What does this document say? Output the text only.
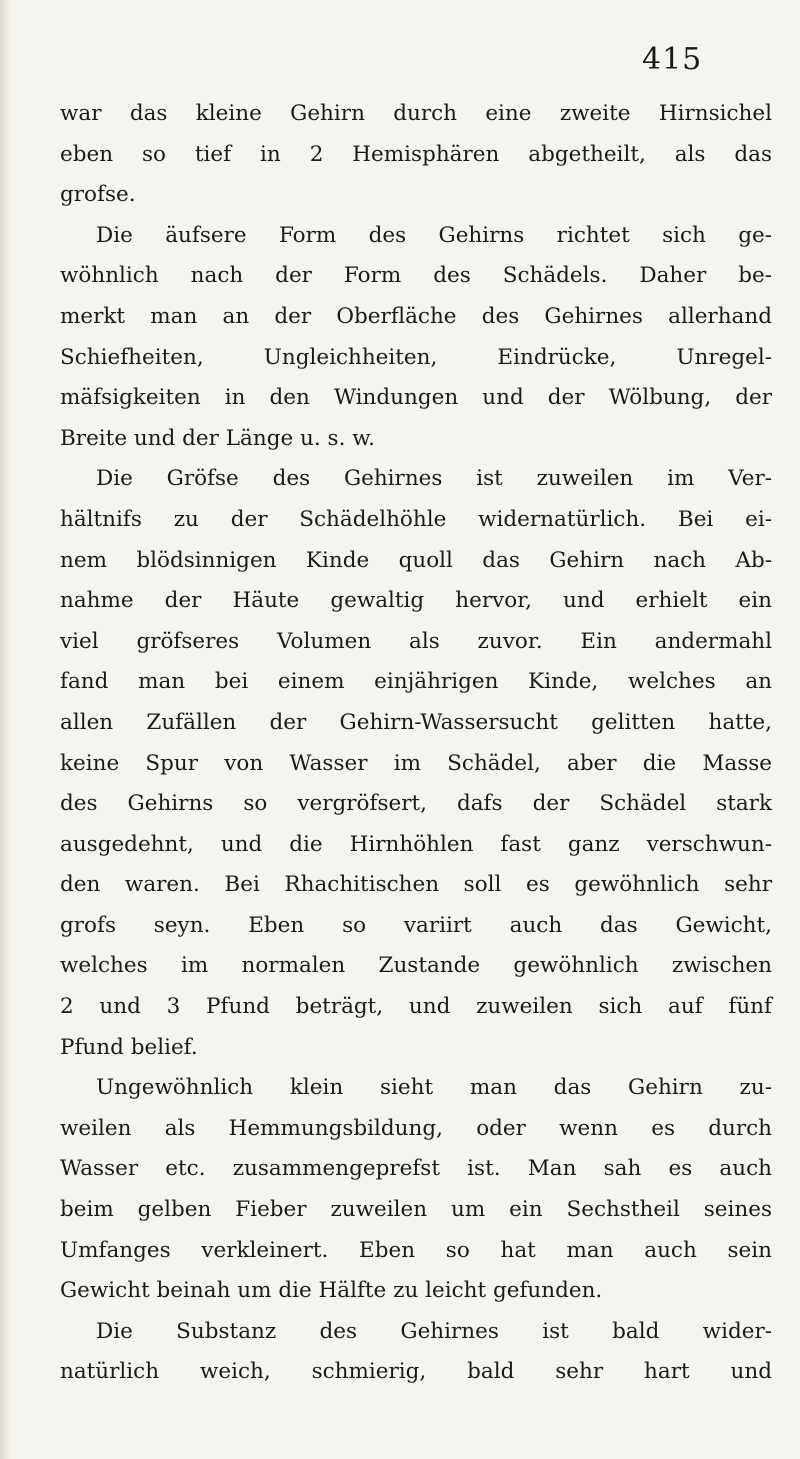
415

war das kleine Gehirn durch eine zweite Hirnsichel
eben so tief in 2 Hemisphären abgetheilt, als das
grofse.
Die äufsere Form des Gehirns richtet sich ge-
wöhnlich nach der Form des Schädels. Daher be-
merkt man an der Oberfläche des Gehirnes allerhand
Schiefheiten, Ungleichheiten, Eindrücke, Unregel-
mäfsigkeiten in den Windungen und der Wölbung, der
Breite und der Länge u. s. w.
Die Gröfse des Gehirnes ist zuweilen im Ver-
hältnifs zu der Schädelhöhle widernatürlich. Bei ei-
nem blödsinnigen Kinde quoll das Gehirn nach Ab-
nahme der Häute gewaltig hervor, und erhielt ein
viel gröfseres Volumen als zuvor. Ein andermahl
fand man bei einem einjährigen Kinde, welches an
allen Zufällen der Gehirn-Wassersucht gelitten hatte,
keine Spur von Wasser im Schädel, aber die Masse
des Gehirns so vergröfsert, dafs der Schädel stark
ausgedehnt, und die Hirnhöhlen fast ganz verschwun-
den waren. Bei Rhachitischen soll es gewöhnlich sehr
grofs seyn. Eben so variirt auch das Gewicht,
welches im normalen Zustande gewöhnlich zwischen
2 und 3 Pfund beträgt, und zuweilen sich auf fünf
Pfund belief.
Ungewöhnlich klein sieht man das Gehirn zu-
weilen als Hemmungsbildung, oder wenn es durch
Wasser etc. zusammengeprefst ist. Man sah es auch
beim gelben Fieber zuweilen um ein Sechstheil seines
Umfanges verkleinert. Eben so hat man auch sein
Gewicht beinah um die Hälfte zu leicht gefunden.
Die Substanz des Gehirnes ist bald wider-
natürlich weich, schmierig, bald sehr hart und
